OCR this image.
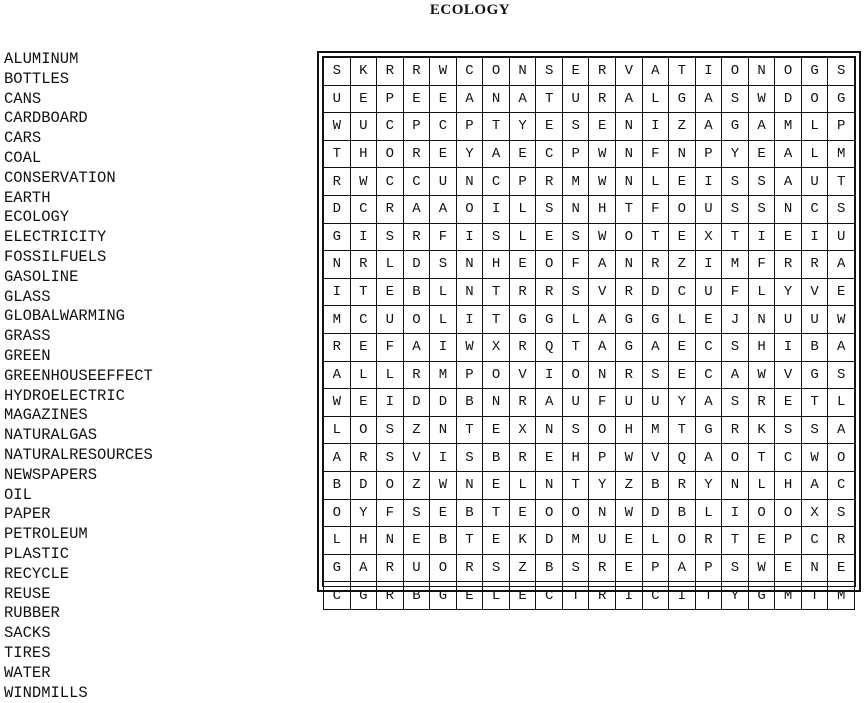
ECOLOGY
ALUMINUM
BOTTLES
CANS
CARDBOARD
CARS
COAL
CONSERVATION
EARTH
ECOLOGY
ELECTRICITY
FOSSILFUELS
GASOLINE
GLASS
GLOBALWARMING
GRASS
GREEN
GREENHOUSEEFFECT
HYDROELECTRIC
MAGAZINES
NATURALGAS
NATURALRESOURCES
NEWSPAPERS
OIL
PAPER
PETROLEUM
PLASTIC
RECYCLE
REUSE
RUBBER
SACKS
TIRES
WATER
WINDMILLS
S	K	R	R	W	C	O	N	S	E	R	V	A	T	I	O	N	O	G	S
U	E	P	E	E	A	N	A	T	U	R	A	L	G	A	S	W	D	O	G
W	U	C	P	C	P	T	Y	E	S	E	N	I	Z	A	G	A	M	L	P
T	H	O	R	E	Y	A	E	C	P	W	N	F	N	P	Y	E	A	L	M
R	W	C	C	U	N	C	P	R	M	W	N	L	E	I	S	S	A	U	T
D	C	R	A	A	O	I	L	S	N	H	T	F	O	U	S	S	N	C	S
G	I	S	R	F	I	S	L	E	S	W	O	T	E	X	T	I	E	I	U
N	R	L	D	S	N	H	E	O	F	A	N	R	Z	I	M	F	R	R	A
I	T	E	B	L	N	T	R	R	S	V	R	D	C	U	F	L	Y	V	E
M	C	U	O	L	I	T	G	G	L	A	G	G	L	E	J	N	U	U	W
R	E	F	A	I	W	X	R	Q	T	A	G	A	E	C	S	H	I	B	A
A	L	L	R	M	P	O	V	I	O	N	R	S	E	C	A	W	V	G	S
W	E	I	D	D	B	N	R	A	U	F	U	U	Y	A	S	R	E	T	L
L	O	S	Z	N	T	E	X	N	S	O	H	M	T	G	R	K	S	S	A
A	R	S	V	I	S	B	R	E	H	P	W	V	Q	A	O	T	C	W	O
B	D	O	Z	W	N	E	L	N	T	Y	Z	B	R	Y	N	L	H	A	C
O	Y	F	S	E	B	T	E	O	O	N	W	D	B	L	I	O	O	X	S
L	H	N	E	B	T	E	K	D	M	U	E	L	O	R	T	E	P	C	R
G	A	R	U	O	R	S	Z	B	S	R	E	P	A	P	S	W	E	N	E
C	G	R	B	G	E	L	E	C	T	R	I	C	I	T	Y	G	M	T	M
